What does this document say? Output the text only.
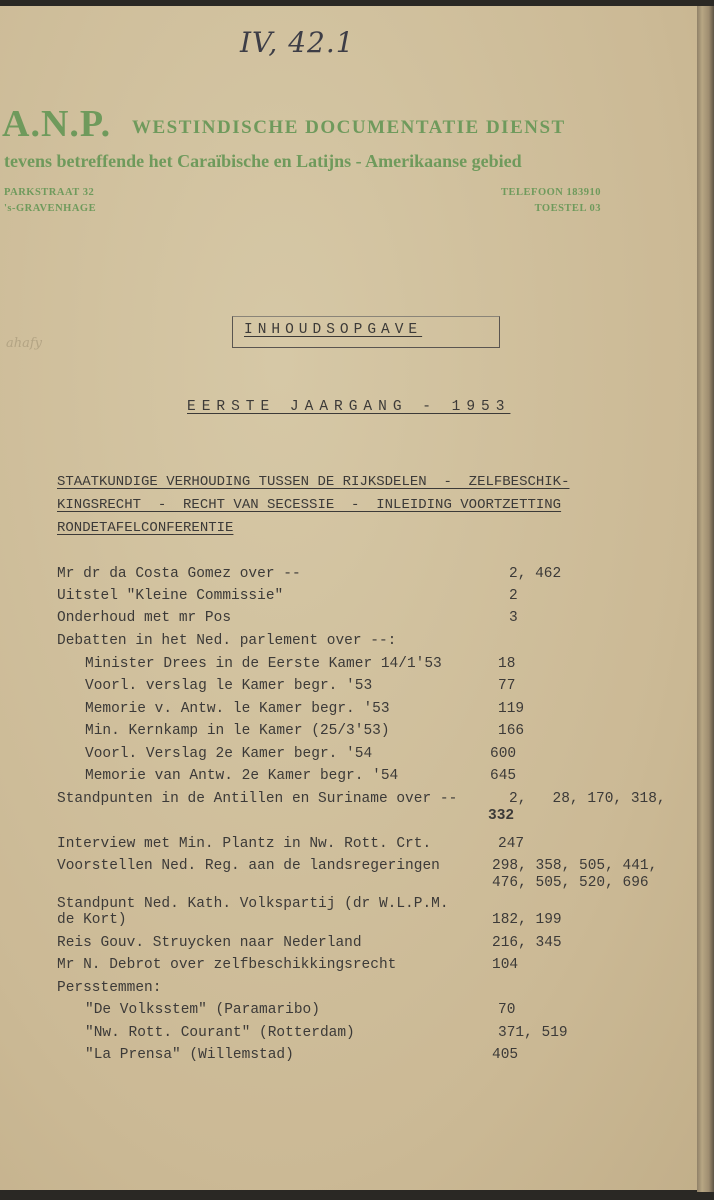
IV, 42.1
A.N.P. WESTINDISCHE DOCUMENTATIE DIENST
tevens betreffende het Caraïbische en Latijns - Amerikaanse gebied
PARKSTRAAT 32
's-GRAVENHAGE
TELEFOON 183910
TOESTEL 03
ahafy
INHOUDSOPGAVE
EERSTE JAARGANG - 1953
STAATKUNDIGE VERHOUDING TUSSEN DE RIJKSDELEN  -  ZELFBESCHIK-
KINGSRECHT  -  RECHT VAN SECESSIE  -  INLEIDING VOORTZETTING
RONDETAFELCONFERENTIE
Mr dr da Costa Gomez over --	2, 462
Uitstel "Kleine Commissie"	2
Onderhoud met mr Pos	3
Debatten in het Ned. parlement over --:
Minister Drees in de Eerste Kamer 14/1'53	18
Voorl. verslag le Kamer begr. '53	77
Memorie v. Antw. le Kamer begr. '53	119
Min. Kernkamp in le Kamer (25/3'53)	166
Voorl. Verslag 2e Kamer begr. '54	600
Memorie van Antw. 2e Kamer begr. '54	645
Standpunten in de Antillen en Suriname over --	2,   28, 170, 318,
332
Interview met Min. Plantz in Nw. Rott. Crt.	247
Voorstellen Ned. Reg. aan de landsregeringen	298, 358, 505, 441,
476, 505, 520, 696
Standpunt Ned. Kath. Volkspartij (dr W.L.P.M.
de Kort)	182, 199
Reis Gouv. Struycken naar Nederland	216, 345
Mr N. Debrot over zelfbeschikkingsrecht	104
Persstemmen:
"De Volksstem" (Paramaribo)	70
"Nw. Rott. Courant" (Rotterdam)	371, 519
"La Prensa" (Willemstad)	405
